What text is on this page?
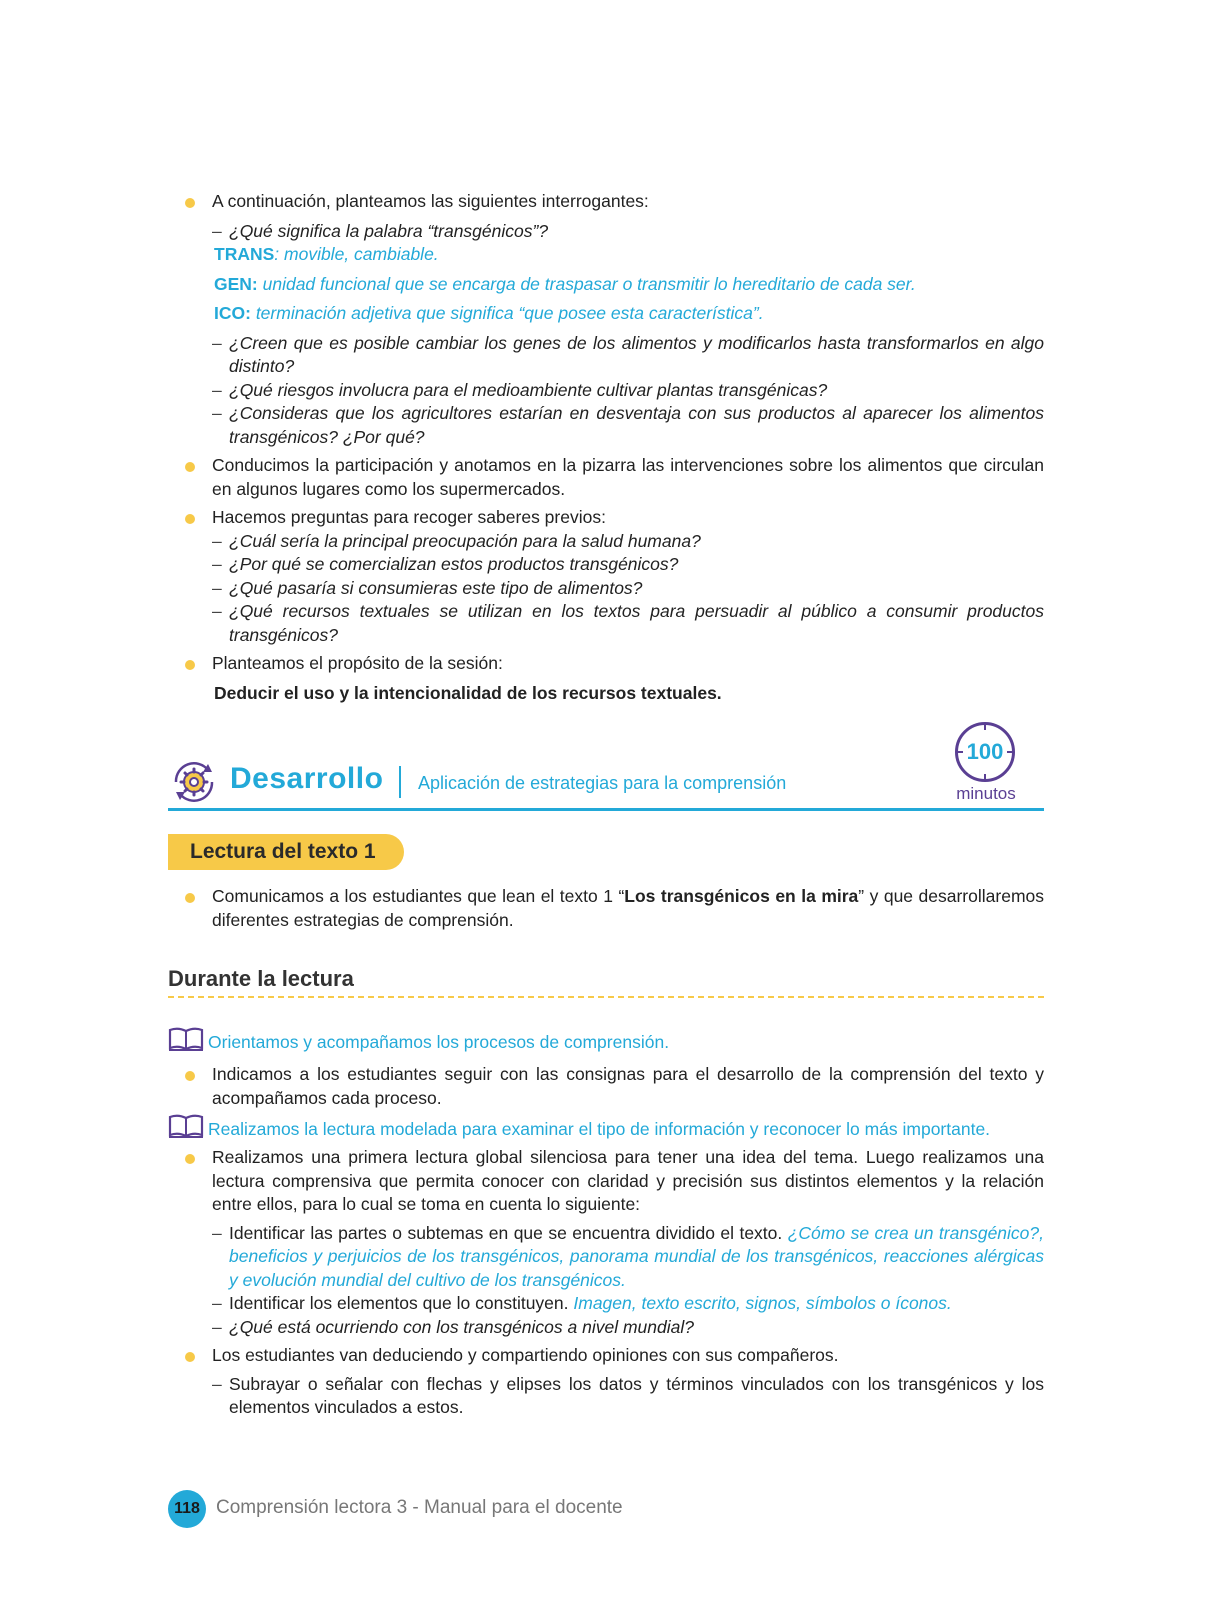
A continuación, planteamos las siguientes interrogantes:
– ¿Qué significa la palabra “transgénicos”?
TRANS: movible, cambiable.
GEN: unidad funcional que se encarga de traspasar o transmitir lo hereditario de cada ser.
ICO: terminación adjetiva que significa “que posee esta característica”.
– ¿Creen que es posible cambiar los genes de los alimentos y modificarlos hasta transformarlos en algo distinto?
– ¿Qué riesgos involucra para el medioambiente cultivar plantas transgénicas?
– ¿Consideras que los agricultores estarían en desventaja con sus productos al aparecer los alimentos transgénicos? ¿Por qué?
Conducimos la participación y anotamos en la pizarra las intervenciones sobre los alimentos que circulan en algunos lugares como los supermercados.
Hacemos preguntas para recoger saberes previos:
– ¿Cuál sería la principal preocupación para la salud humana?
– ¿Por qué se comercializan estos productos transgénicos?
– ¿Qué pasaría si consumieras este tipo de alimentos?
– ¿Qué recursos textuales se utilizan en los textos para persuadir al público a consumir productos transgénicos?
Planteamos el propósito de la sesión:
Deducir el uso y la intencionalidad de los recursos textuales.
Desarrollo Aplicación de estrategias para la comprensión
100
minutos
Lectura del texto 1
Comunicamos a los estudiantes que lean el texto 1 “Los transgénicos en la mira” y que desarrollaremos diferentes estrategias de comprensión.
Durante la lectura
Orientamos y acompañamos los procesos de comprensión.
Indicamos a los estudiantes seguir con las consignas para el desarrollo de la comprensión del texto y acompañamos cada proceso.
Realizamos la lectura modelada para examinar el tipo de información y reconocer lo más importante.
Realizamos una primera lectura global silenciosa para tener una idea del tema. Luego realizamos una lectura comprensiva que permita conocer con claridad y precisión sus distintos elementos y la relación entre ellos, para lo cual se toma en cuenta lo siguiente:
– Identificar las partes o subtemas en que se encuentra dividido el texto. ¿Cómo se crea un transgénico?, beneficios y perjuicios de los transgénicos, panorama mundial de los transgénicos, reacciones alérgicas y evolución mundial del cultivo de los transgénicos.
– Identificar los elementos que lo constituyen. Imagen, texto escrito, signos, símbolos o íconos.
– ¿Qué está ocurriendo con los transgénicos a nivel mundial?
Los estudiantes van deduciendo y compartiendo opiniones con sus compañeros.
– Subrayar o señalar con flechas y elipses los datos y términos vinculados con los transgénicos y los elementos vinculados a estos.
118 Comprensión lectora 3 - Manual para el docente
